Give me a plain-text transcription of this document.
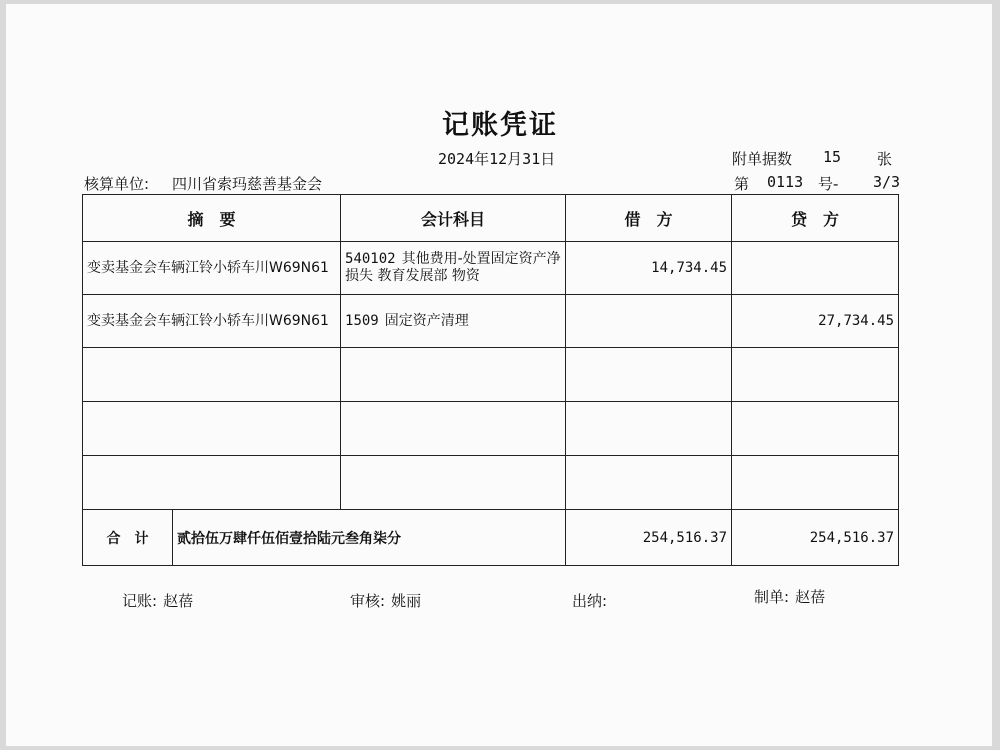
记账凭证
2024年12月31日
核算单位: 四川省索玛慈善基金会
附单据数 15 张
第 0113 号- 3/3
摘　要		会计科目	借　方	贷　方
变卖基金会车辆江铃小轿车川W69N61		540102 其他费用-处置固定资产净损失 教育发展部 物资	14,734.45	
变卖基金会车辆江铃小轿车川W69N61		1509 固定资产清理		27,734.45

合　计	贰拾伍万肆仟伍佰壹拾陆元叁角柒分		254,516.37	254,516.37
记账: 赵蓓	审核: 姚丽	出纳:	制单: 赵蓓
